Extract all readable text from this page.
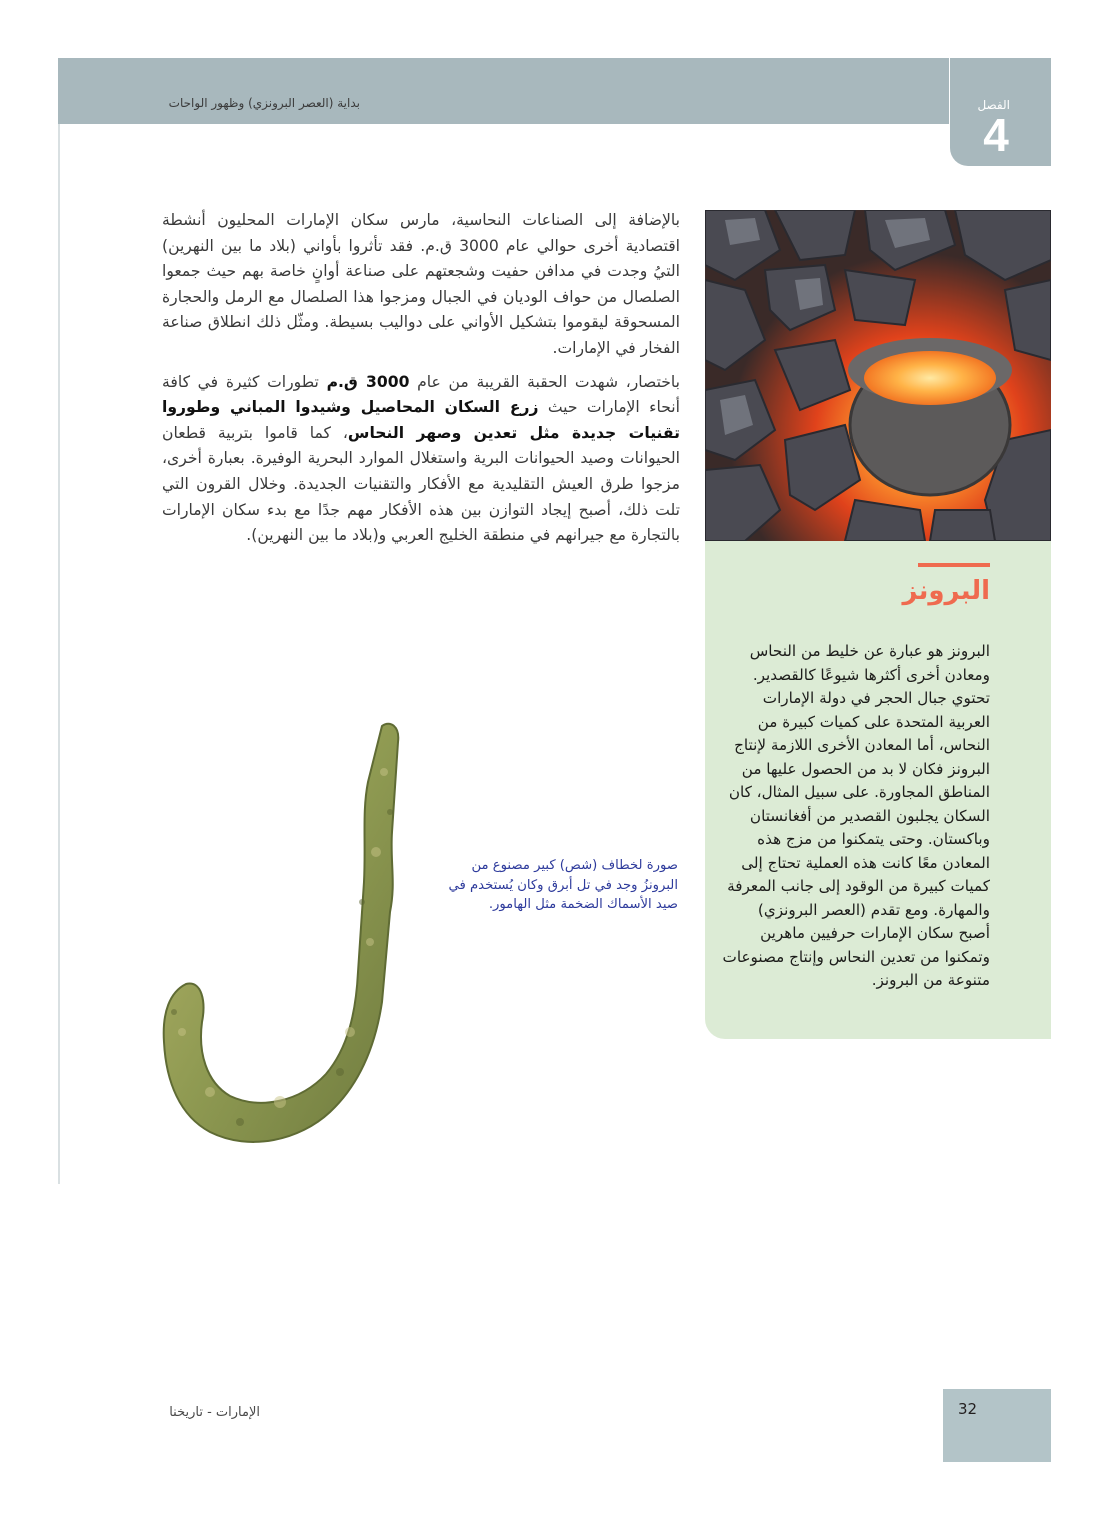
بداية (العصر البرونزي) وظهور الواحات	الفصل
4

بالإضافة إلى الصناعات النحاسية، مارس سكان الإمارات المحليون أنشطة اقتصادية أخرى حوالي عام 3000 ق.م. فقد تأثروا بأواني (بلاد ما بين النهرين) التيُ وجدت في مدافن حفيت وشجعتهم على صناعة أوانٍ خاصة بهم حيث جمعوا الصلصال من حواف الوديان في الجبال ومزجوا هذا الصلصال مع الرمل والحجارة المسحوقة ليقوموا بتشكيل الأواني على دواليب بسيطة. ومثّل ذلك انطلاق صناعة الفخار في الإمارات.

باختصار، شهدت الحقبة القريبة من عام 3000 ق.م تطورات كثيرة في كافة أنحاء الإمارات حيث زرع السكان المحاصيل وشيدوا المباني وطوروا تقنيات جديدة مثل تعدين وصهر النحاس، كما قاموا بتربية قطعان الحيوانات وصيد الحيوانات البرية واستغلال الموارد البحرية الوفيرة. بعبارة أخرى، مزجوا طرق العيش التقليدية مع الأفكار والتقنيات الجديدة. وخلال القرون التي تلت ذلك، أصبح إيجاد التوازن بين هذه الأفكار مهم جدًا مع بدء سكان الإمارات بالتجارة مع جيرانهم في منطقة الخليج العربي و(بلاد ما بين النهرين).

البرونز
البرونز هو عبارة عن خليط من النحاس ومعادن أخرى أكثرها شيوعًا كالقصدير. تحتوي جبال الحجر في دولة الإمارات العربية المتحدة على كميات كبيرة من النحاس، أما المعادن الأخرى اللازمة لإنتاج البرونز فكان لا بد من الحصول عليها من المناطق المجاورة. على سبيل المثال، كان السكان يجلبون القصدير من أفغانستان وباكستان. وحتى يتمكنوا من مزج هذه المعادن معًا كانت هذه العملية تحتاج إلى كميات كبيرة من الوقود إلى جانب المعرفة والمهارة. ومع تقدم (العصر البرونزي) أصبح سكان الإمارات حرفيين ماهرين وتمكنوا من تعدين النحاس وإنتاج مصنوعات متنوعة من البرونز.
صورة لخطاف (شص) كبير مصنوع من البرونزُ وجد في تل أبرق وكان يُستخدم في صيد الأسماك الضخمة مثل الهامور.
32
الإمارات - تاريخنا
